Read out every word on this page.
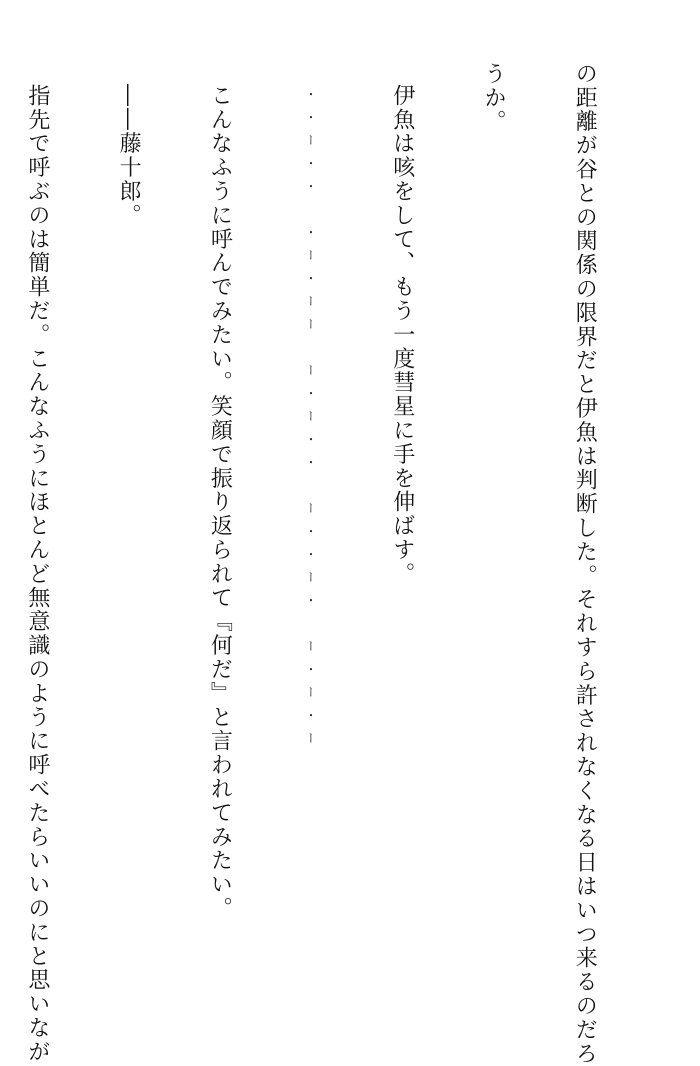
の距離が谷との関係の限界だと伊魚は判断した。それすら許されなくなる日はいつ来るのだろ

うか。

伊魚は咳をして、もう一度彗星に手を伸ばす。

・・ー・・　・ー・ーー　ー・ー・・　ー・・ー・　ー・ー・ー

こんなふうに呼んでみたい。笑顔で振り返られて『何だ』と言われてみたい。

――藤十郎。

指先で呼ぶのは簡単だ。こんなふうにほとんど無意識のように呼べたらいいのにと思いなが
